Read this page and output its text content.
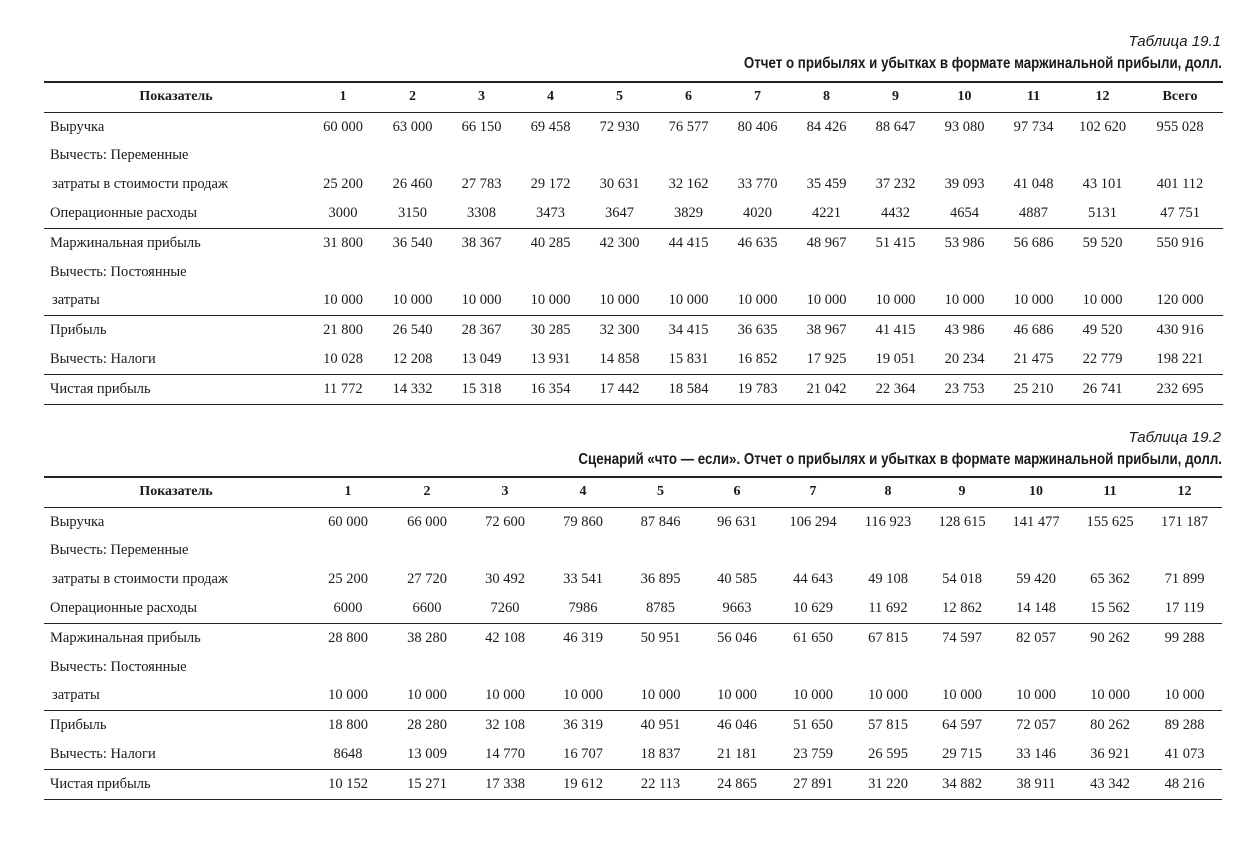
Таблица 19.1
Отчет о прибылях и убытках в формате маржинальной прибыли, долл.
Показатель	1	2	3	4	5	6	7	8	9	10	11	12	Всего
Выручка	60 000	63 000	66 150	69 458	72 930	76 577	80 406	84 426	88 647	93 080	97 734	102 620	955 028
Вычесть: Переменные													
затраты в стоимости продаж	25 200	26 460	27 783	29 172	30 631	32 162	33 770	35 459	37 232	39 093	41 048	43 101	401 112
Операционные расходы	3000	3150	3308	3473	3647	3829	4020	4221	4432	4654	4887	5131	47 751
Маржинальная прибыль	31 800	36 540	38 367	40 285	42 300	44 415	46 635	48 967	51 415	53 986	56 686	59 520	550 916
Вычесть: Постоянные													
затраты	10 000	10 000	10 000	10 000	10 000	10 000	10 000	10 000	10 000	10 000	10 000	10 000	120 000
Прибыль	21 800	26 540	28 367	30 285	32 300	34 415	36 635	38 967	41 415	43 986	46 686	49 520	430 916
Вычесть: Налоги	10 028	12 208	13 049	13 931	14 858	15 831	16 852	17 925	19 051	20 234	21 475	22 779	198 221
Чистая прибыль	11 772	14 332	15 318	16 354	17 442	18 584	19 783	21 042	22 364	23 753	25 210	26 741	232 695
Таблица 19.2
Сценарий «что — если». Отчет о прибылях и убытках в формате маржинальной прибыли, долл.
Показатель	1	2	3	4	5	6	7	8	9	10	11	12
Выручка	60 000	66 000	72 600	79 860	87 846	96 631	106 294	116 923	128 615	141 477	155 625	171 187
Вычесть: Переменные												
затраты в стоимости продаж	25 200	27 720	30 492	33 541	36 895	40 585	44 643	49 108	54 018	59 420	65 362	71 899
Операционные расходы	6000	6600	7260	7986	8785	9663	10 629	11 692	12 862	14 148	15 562	17 119
Маржинальная прибыль	28 800	38 280	42 108	46 319	50 951	56 046	61 650	67 815	74 597	82 057	90 262	99 288
Вычесть: Постоянные												
затраты	10 000	10 000	10 000	10 000	10 000	10 000	10 000	10 000	10 000	10 000	10 000	10 000
Прибыль	18 800	28 280	32 108	36 319	40 951	46 046	51 650	57 815	64 597	72 057	80 262	89 288
Вычесть: Налоги	8648	13 009	14 770	16 707	18 837	21 181	23 759	26 595	29 715	33 146	36 921	41 073
Чистая прибыль	10 152	15 271	17 338	19 612	22 113	24 865	27 891	31 220	34 882	38 911	43 342	48 216
